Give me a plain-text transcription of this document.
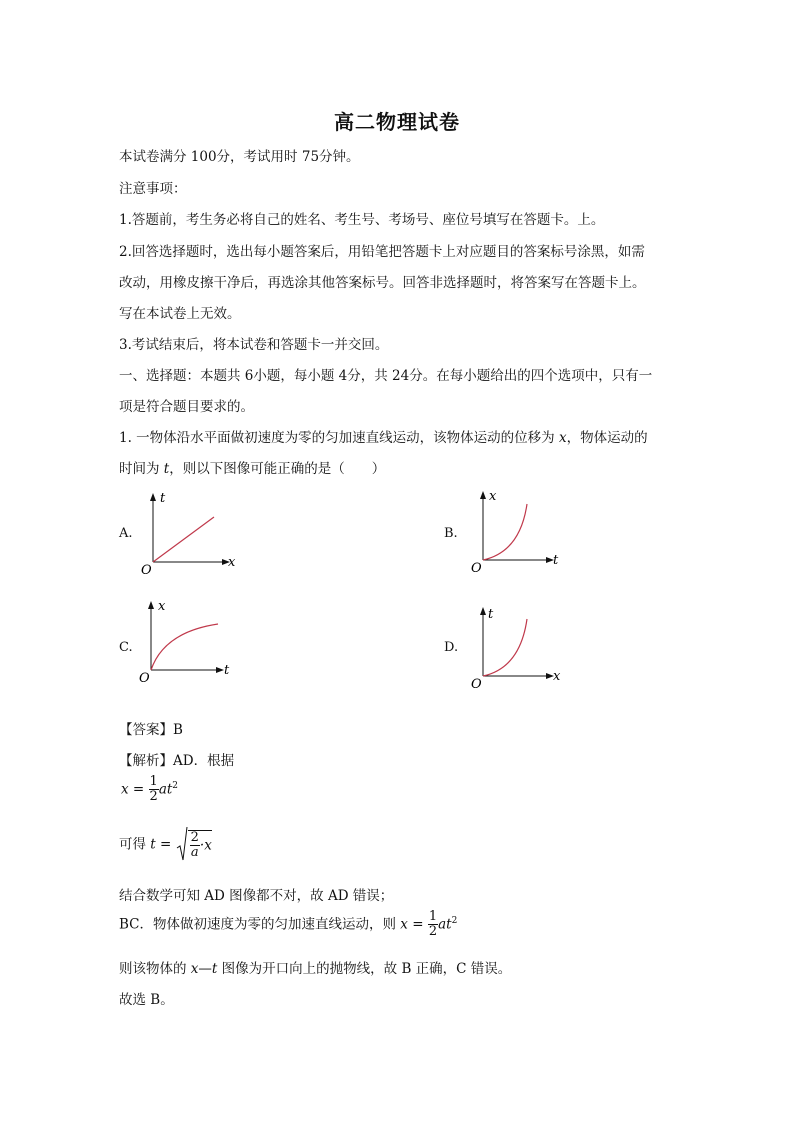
高二物理试卷
本试卷满分 100分，考试用时 75分钟。
注意事项：
1.答题前，考生务必将自己的姓名、考生号、考场号、座位号填写在答题卡。上。
2.回答选择题时，选出每小题答案后，用铅笔把答题卡上对应题目的答案标号涂黑，如需
改动，用橡皮擦干净后，再选涂其他答案标号。回答非选择题时，将答案写在答题卡上。
写在本试卷上无效。
3.考试结束后，将本试卷和答题卡一并交回。
一、选择题：本题共 6小题，每小题 4分，共 24分。在每小题给出的四个选项中，只有一
项是符合题目要求的。
1. 一物体沿水平面做初速度为零的匀加速直线运动，该物体运动的位移为 x，物体运动的
时间为 t，则以下图像可能正确的是（　　）
A.
t
x
O
B.
x
t
O
C.
x
t
O
D.
t
x
O
【答案】B
【解析】AD．根据
$x = \frac{1}{2} at^2$
可得 $t = \frac{2}{a} \cdot x$
结合数学可知 AD 图像都不对，故 AD 错误；
BC．物体做初速度为零的匀加速直线运动，则 $x = \frac{1}{2} at^2$
则该物体的 x—t 图像为开口向上的抛物线，故 B 正确，C 错误。
故选 B。
